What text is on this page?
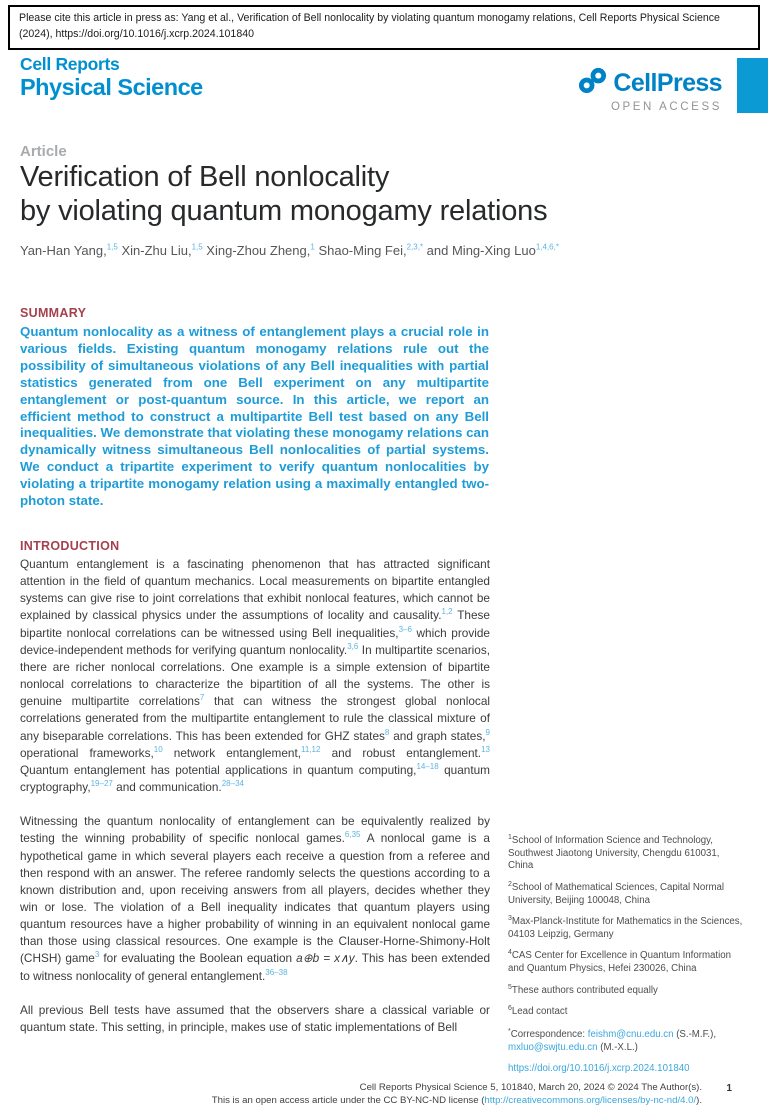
Please cite this article in press as: Yang et al., Verification of Bell nonlocality by violating quantum monogamy relations, Cell Reports Physical Science (2024), https://doi.org/10.1016/j.xcrp.2024.101840
Cell Reports
Physical Science	CellPress
OPEN ACCESS
Article
Verification of Bell nonlocality
by violating quantum monogamy relations
Yan-Han Yang,$^{1,5}$ Xin-Zhu Liu,$^{1,5}$ Xing-Zhou Zheng,$^1$ Shao-Ming Fei,$^{2,3,*}$ and Ming-Xing Luo$^{1,4,6,*}$
SUMMARY
Quantum nonlocality as a witness of entanglement plays a crucial role in various fields. Existing quantum monogamy relations rule out the possibility of simultaneous violations of any Bell inequalities with partial statistics generated from one Bell experiment on any multipartite entanglement or post-quantum source. In this article, we report an efficient method to construct a multipartite Bell test based on any Bell inequalities. We demonstrate that violating these monogamy relations can dynamically witness simultaneous Bell nonlocalities of partial systems. We conduct a tripartite experiment to verify quantum nonlocalities by violating a tripartite monogamy relation using a maximally entangled two-photon state.
INTRODUCTION

Quantum entanglement is a fascinating phenomenon that has attracted significant attention in the field of quantum mechanics. Local measurements on bipartite entangled systems can give rise to joint correlations that exhibit nonlocal features, which cannot be explained by classical physics under the assumptions of locality and causality.$^{1,2}$ These bipartite nonlocal correlations can be witnessed using Bell inequalities,$^{3-6}$ which provide device-independent methods for verifying quantum nonlocality.$^{3,6}$ In multipartite scenarios, there are richer nonlocal correlations. One example is a simple extension of bipartite nonlocal correlations to characterize the bipartition of all the systems. The other is genuine multipartite correlations$^7$ that can witness the strongest global nonlocal correlations generated from the multipartite entanglement to rule the classical mixture of any biseparable correlations. This has been extended for GHZ states$^8$ and graph states,$^9$ operational frameworks,$^{10}$ network entanglement,$^{11,12}$ and robust entanglement.$^{13}$ Quantum entanglement has potential applications in quantum computing,$^{14-18}$ quantum cryptography,$^{19-27}$ and communication.$^{28-34}$

Witnessing the quantum nonlocality of entanglement can be equivalently realized by testing the winning probability of specific nonlocal games.$^{6,35}$ A nonlocal game is a hypothetical game in which several players each receive a question from a referee and then respond with an answer. The referee randomly selects the questions according to a known distribution and, upon receiving answers from all players, decides whether they win or lose. The violation of a Bell inequality indicates that quantum players using quantum resources have a higher probability of winning in an equivalent nonlocal game than those using classical resources. One example is the Clauser-Horne-Shimony-Holt (CHSH) game$^3$ for evaluating the Boolean equation a⊕b = x∧y. This has been extended to witness nonlocality of general entanglement.$^{36-38}$

All previous Bell tests have assumed that the observers share a classical variable or quantum state. This setting, in principle, makes use of static implementations of Bell

$^1$School of Information Science and Technology, Southwest Jiaotong University, Chengdu 610031, China
$^2$School of Mathematical Sciences, Capital Normal University, Beijing 100048, China
$^3$Max-Planck-Institute for Mathematics in the Sciences, 04103 Leipzig, Germany
$^4$CAS Center for Excellence in Quantum Information and Quantum Physics, Hefei 230026, China
$^5$These authors contributed equally
$^6$Lead contact
*Correspondence: feishm@cnu.edu.cn (S.-M.F.),
mxluo@swjtu.edu.cn (M.-X.L.)
https://doi.org/10.1016/j.xcrp.2024.101840
Cell Reports Physical Science 5, 101840, March 20, 2024 © 2024 The Author(s).
This is an open access article under the CC BY-NC-ND license (http://creativecommons.org/licenses/by-nc-nd/4.0/).
1
